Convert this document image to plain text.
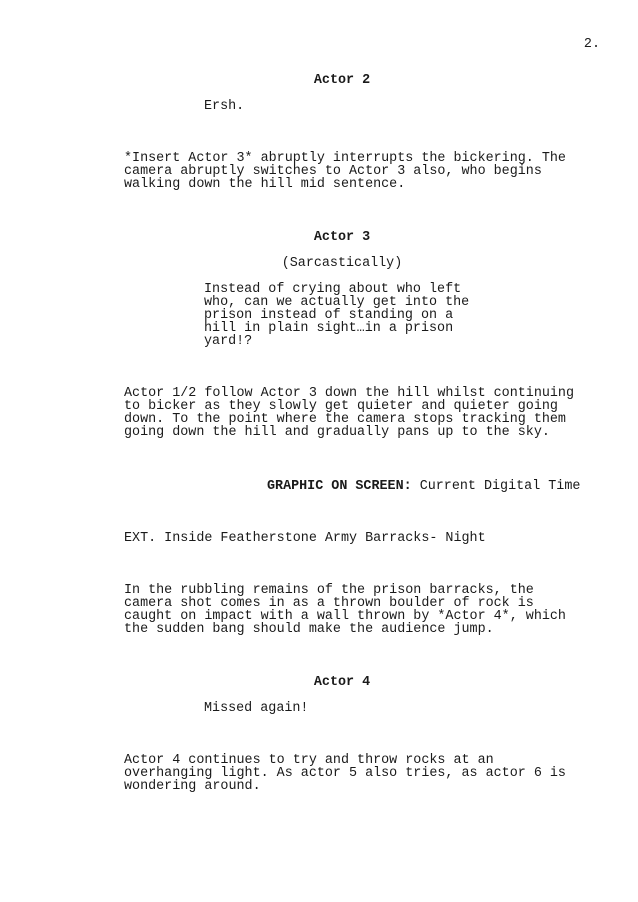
2.
Actor 2
Ersh.
*Insert Actor 3* abruptly interrupts the bickering. The
camera abruptly switches to Actor 3 also, who begins
walking down the hill mid sentence.
Actor 3
(Sarcastically)
Instead of crying about who left
who, can we actually get into the
prison instead of standing on a
hill in plain sight…in a prison
yard!?
Actor 1/2 follow Actor 3 down the hill whilst continuing
to bicker as they slowly get quieter and quieter going
down. To the point where the camera stops tracking them
going down the hill and gradually pans up to the sky.
GRAPHIC ON SCREEN: Current Digital Time
EXT. Inside Featherstone Army Barracks- Night
In the rubbling remains of the prison barracks, the
camera shot comes in as a thrown boulder of rock is
caught on impact with a wall thrown by *Actor 4*, which
the sudden bang should make the audience jump.
Actor 4
Missed again!
Actor 4 continues to try and throw rocks at an
overhanging light. As actor 5 also tries, as actor 6 is
wondering around.
